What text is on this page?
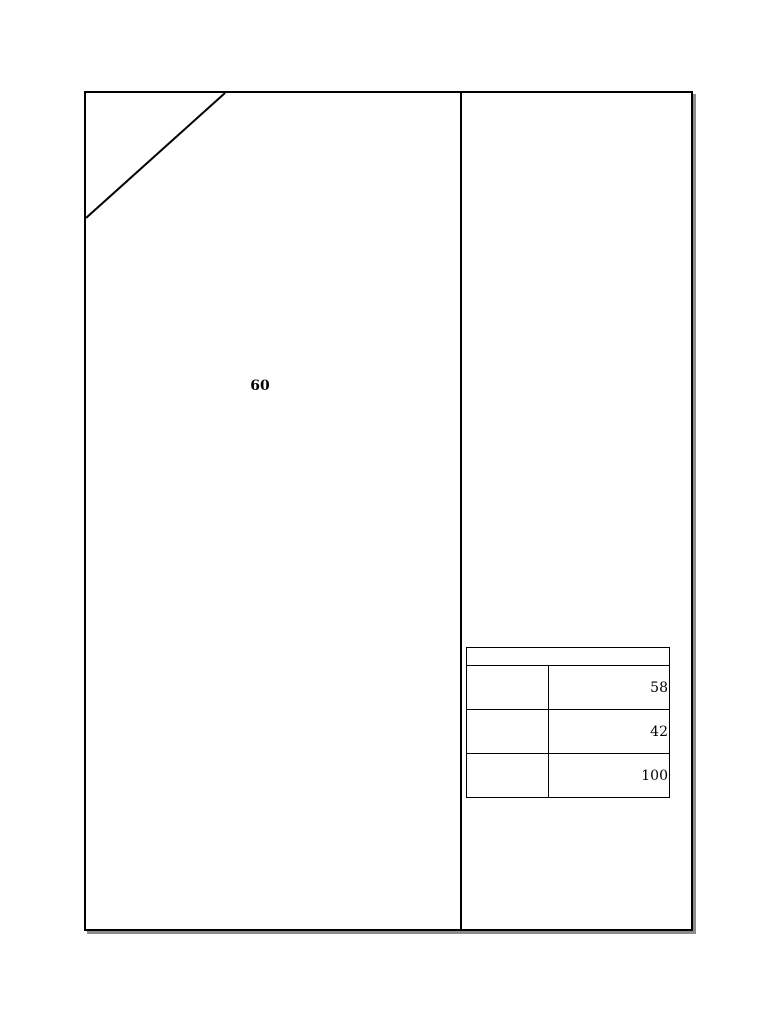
60

	58
	42
	100
